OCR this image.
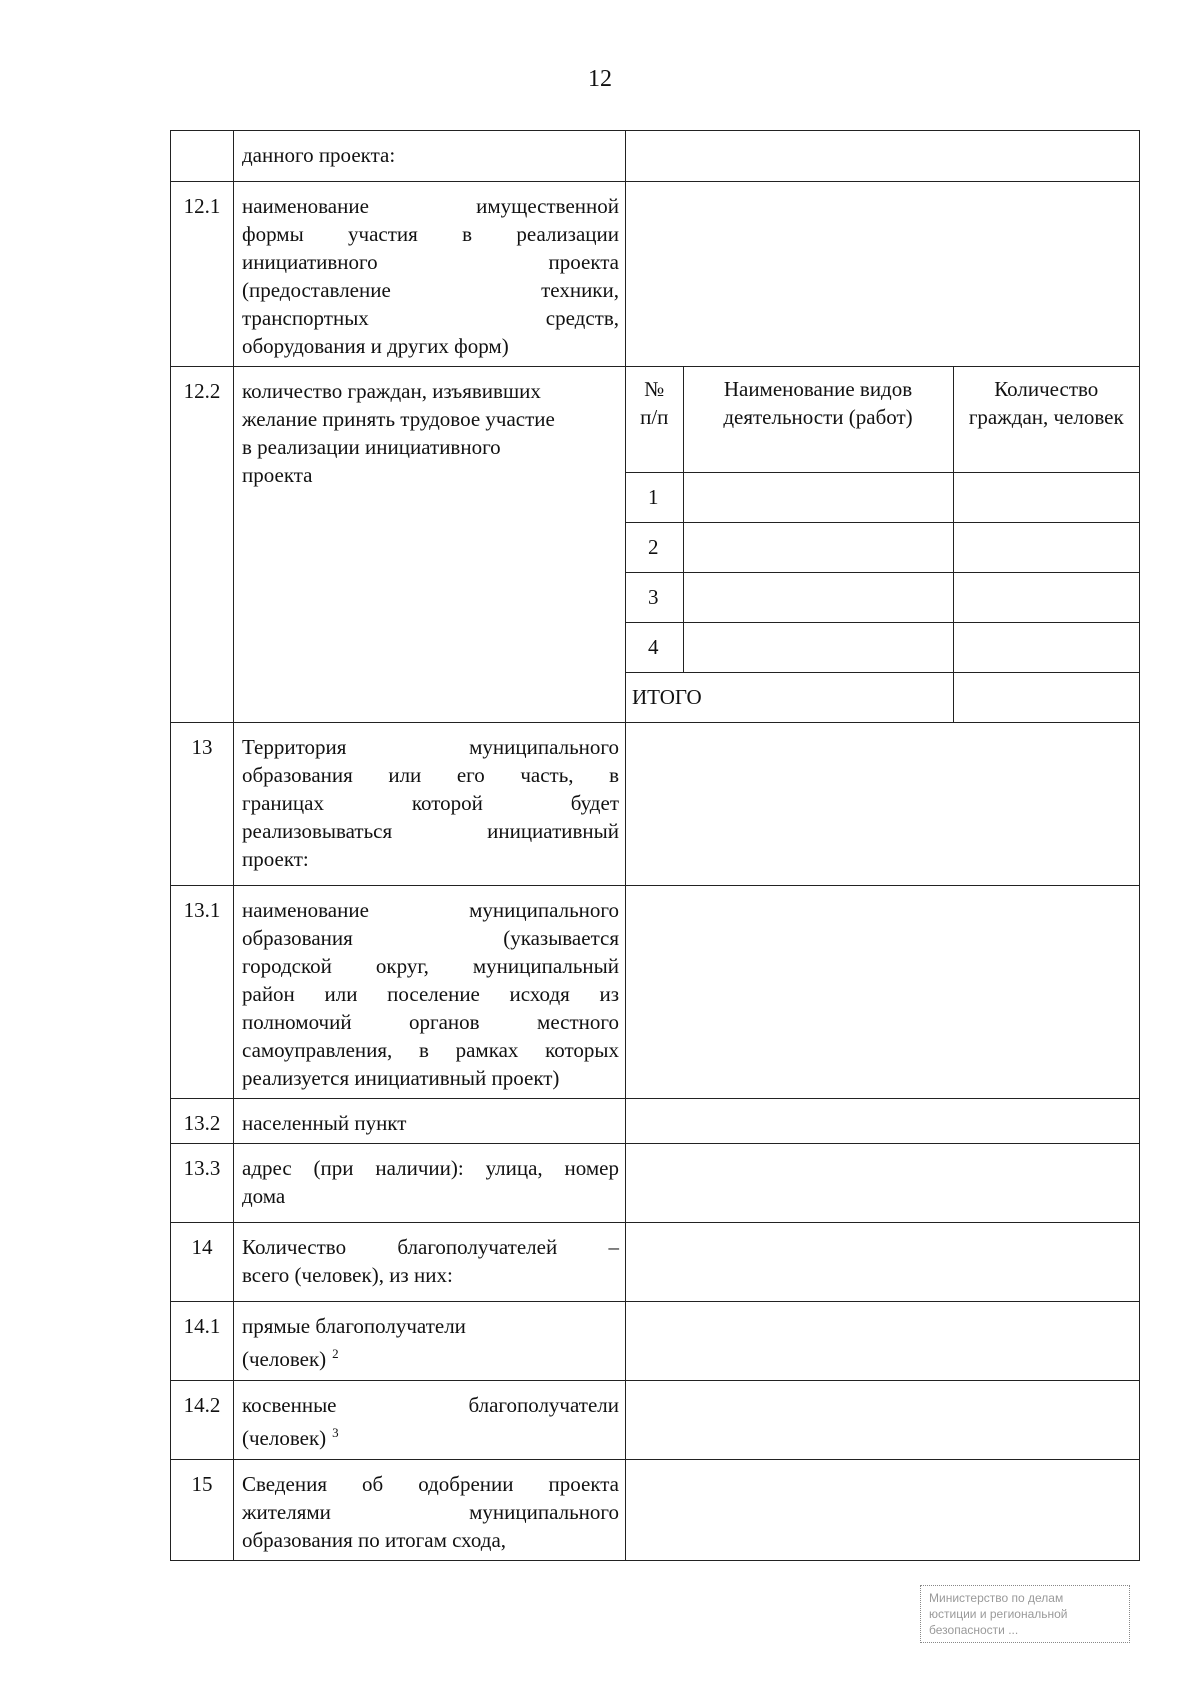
12

данного проекта:

12.1	наименование имущественной
формы участия в реализации
инициативного проекта
(предоставление техники,
транспортных средств,
оборудования и других форм)

12.2	количество граждан, изъявивших
желание принять трудовое участие
в реализации инициативного
проекта

№ п/п	Наименование видов деятельности (работ)	Количество граждан, человек
1		
2		
3		
4		
ИТОГО	

13	Территория муниципального
образования или его часть, в
границах которой будет
реализовываться инициативный
проект:

13.1	наименование муниципального
образования (указывается
городской округ, муниципальный
район или поселение исходя из
полномочий органов местного
самоуправления, в рамках которых
реализуется инициативный проект)

13.2	населенный пункт

13.3	адрес (при наличии): улица, номер
дома

14	Количество благополучателей –
всего (человек), из них:

14.1	прямые благополучатели
(человек) $^2$

14.2	косвенные благополучатели
(человек) $^3$

15	Сведения об одобрении проекта
жителями муниципального
образования по итогам схода,

Министерство по делам
юстиции и региональной
безопасности ...
